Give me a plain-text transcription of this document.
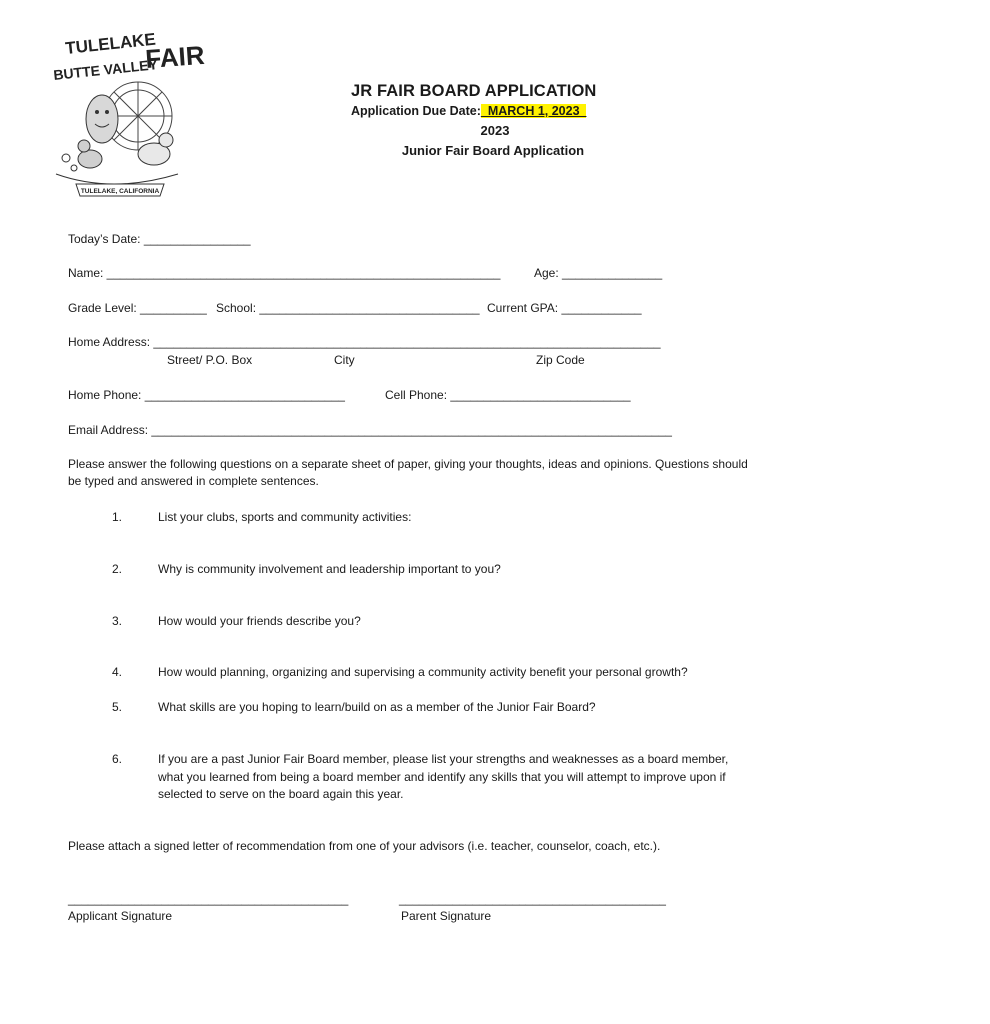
TULELAKE
BUTTE VALLEY
FAIR
TULELAKE, CALIFORNIA
JR FAIR BOARD APPLICATION
Application Due Date:  MARCH 1, 2023
2023
Junior Fair Board Application
Today’s Date: ________________
Name: ___________________________________________________________	Age: _______________
Grade Level: __________ School: _________________________________ Current GPA: ____________
Home Address: ____________________________________________________________________________
Street/ P.O. Box	City	Zip Code
Home Phone: ______________________________	Cell Phone: ___________________________
Email Address: ______________________________________________________________________________
Please answer the following questions on a separate sheet of paper, giving your thoughts, ideas and opinions. Questions should be typed and answered in complete sentences.
1.	List your clubs, sports and community activities:
2.	Why is community involvement and leadership important to you?
3.	How would your friends describe you?
4.	How would planning, organizing and supervising a community activity benefit your personal growth?
5.	What skills are you hoping to learn/build on as a member of the Junior Fair Board?
6.	If you are a past Junior Fair Board member, please list your strengths and weaknesses as a board member, what you learned from being a board member and identify any skills that you will attempt to improve upon if selected to serve on the board again this year.
Please attach a signed letter of recommendation from one of your advisors (i.e. teacher, counselor, coach, etc.).
__________________________________________	________________________________________
Applicant Signature	Parent Signature
